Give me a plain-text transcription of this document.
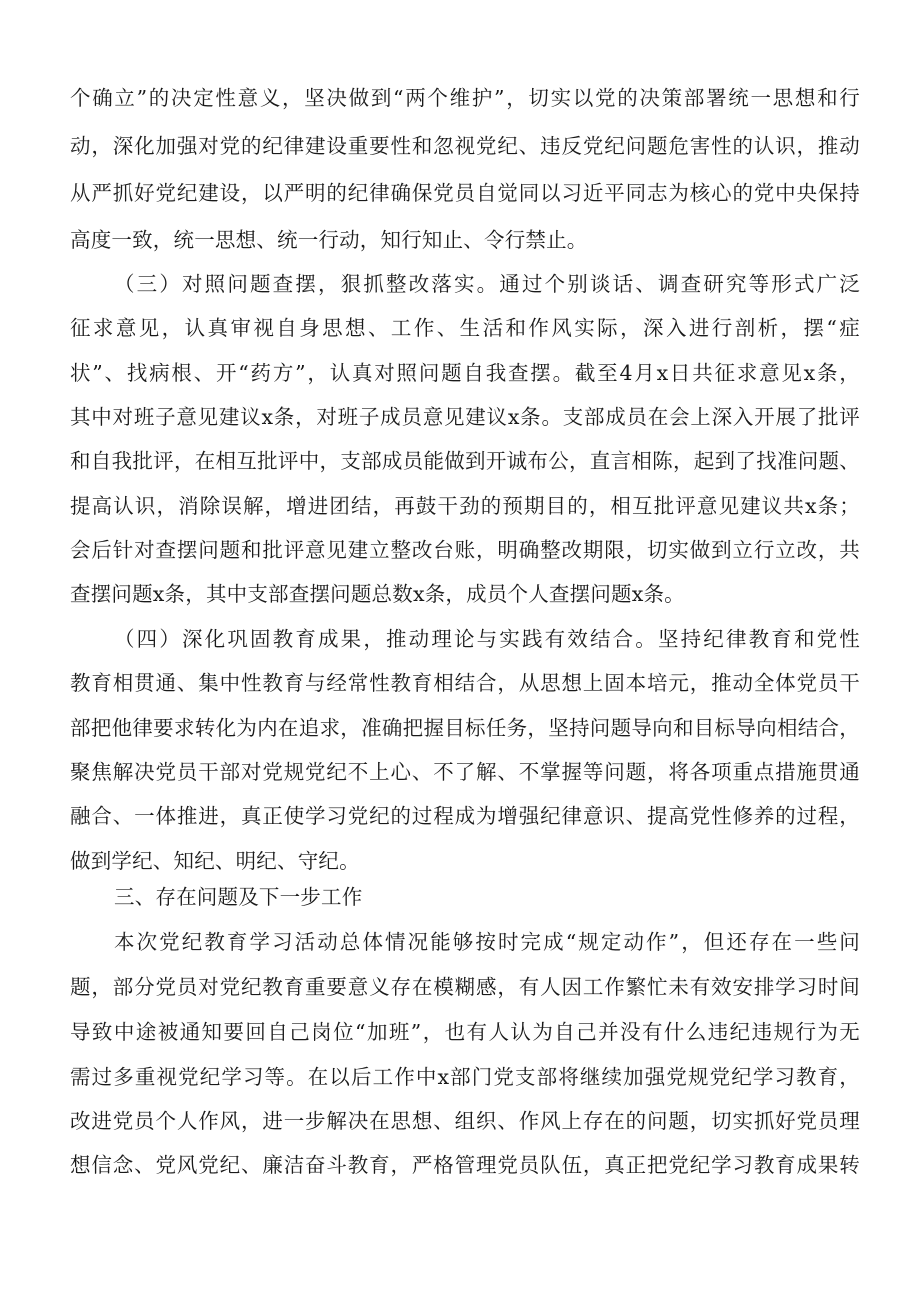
个确立”的决定性意义，坚决做到“两个维护”，切实以党的决策部署统一思想和行
动，深化加强对党的纪律建设重要性和忽视党纪、违反党纪问题危害性的认识，推动
从严抓好党纪建设，以严明的纪律确保党员自觉同以习近平同志为核心的党中央保持
高度一致，统一思想、统一行动，知行知止、令行禁止。
（三）对照问题查摆，狠抓整改落实。通过个别谈话、调查研究等形式广泛
征求意见，认真审视自身思想、工作、生活和作风实际，深入进行剖析，摆“症
状”、找病根、开“药方”，认真对照问题自我查摆。截至4月x日共征求意见x条，
其中对班子意见建议x条，对班子成员意见建议x条。支部成员在会上深入开展了批评
和自我批评，在相互批评中，支部成员能做到开诚布公，直言相陈，起到了找准问题、
提高认识，消除误解，增进团结，再鼓干劲的预期目的，相互批评意见建议共x条；
会后针对查摆问题和批评意见建立整改台账，明确整改期限，切实做到立行立改，共
查摆问题x条，其中支部查摆问题总数x条，成员个人查摆问题x条。
（四）深化巩固教育成果，推动理论与实践有效结合。坚持纪律教育和党性
教育相贯通、集中性教育与经常性教育相结合，从思想上固本培元，推动全体党员干
部把他律要求转化为内在追求，准确把握目标任务，坚持问题导向和目标导向相结合，
聚焦解决党员干部对党规党纪不上心、不了解、不掌握等问题，将各项重点措施贯通
融合、一体推进，真正使学习党纪的过程成为增强纪律意识、提高党性修养的过程，
做到学纪、知纪、明纪、守纪。
三、存在问题及下一步工作
本次党纪教育学习活动总体情况能够按时完成“规定动作”，但还存在一些问
题，部分党员对党纪教育重要意义存在模糊感，有人因工作繁忙未有效安排学习时间
导致中途被通知要回自己岗位“加班”，也有人认为自己并没有什么违纪违规行为无
需过多重视党纪学习等。在以后工作中x部门党支部将继续加强党规党纪学习教育，
改进党员个人作风，进一步解决在思想、组织、作风上存在的问题，切实抓好党员理
想信念、党风党纪、廉洁奋斗教育，严格管理党员队伍，真正把党纪学习教育成果转
